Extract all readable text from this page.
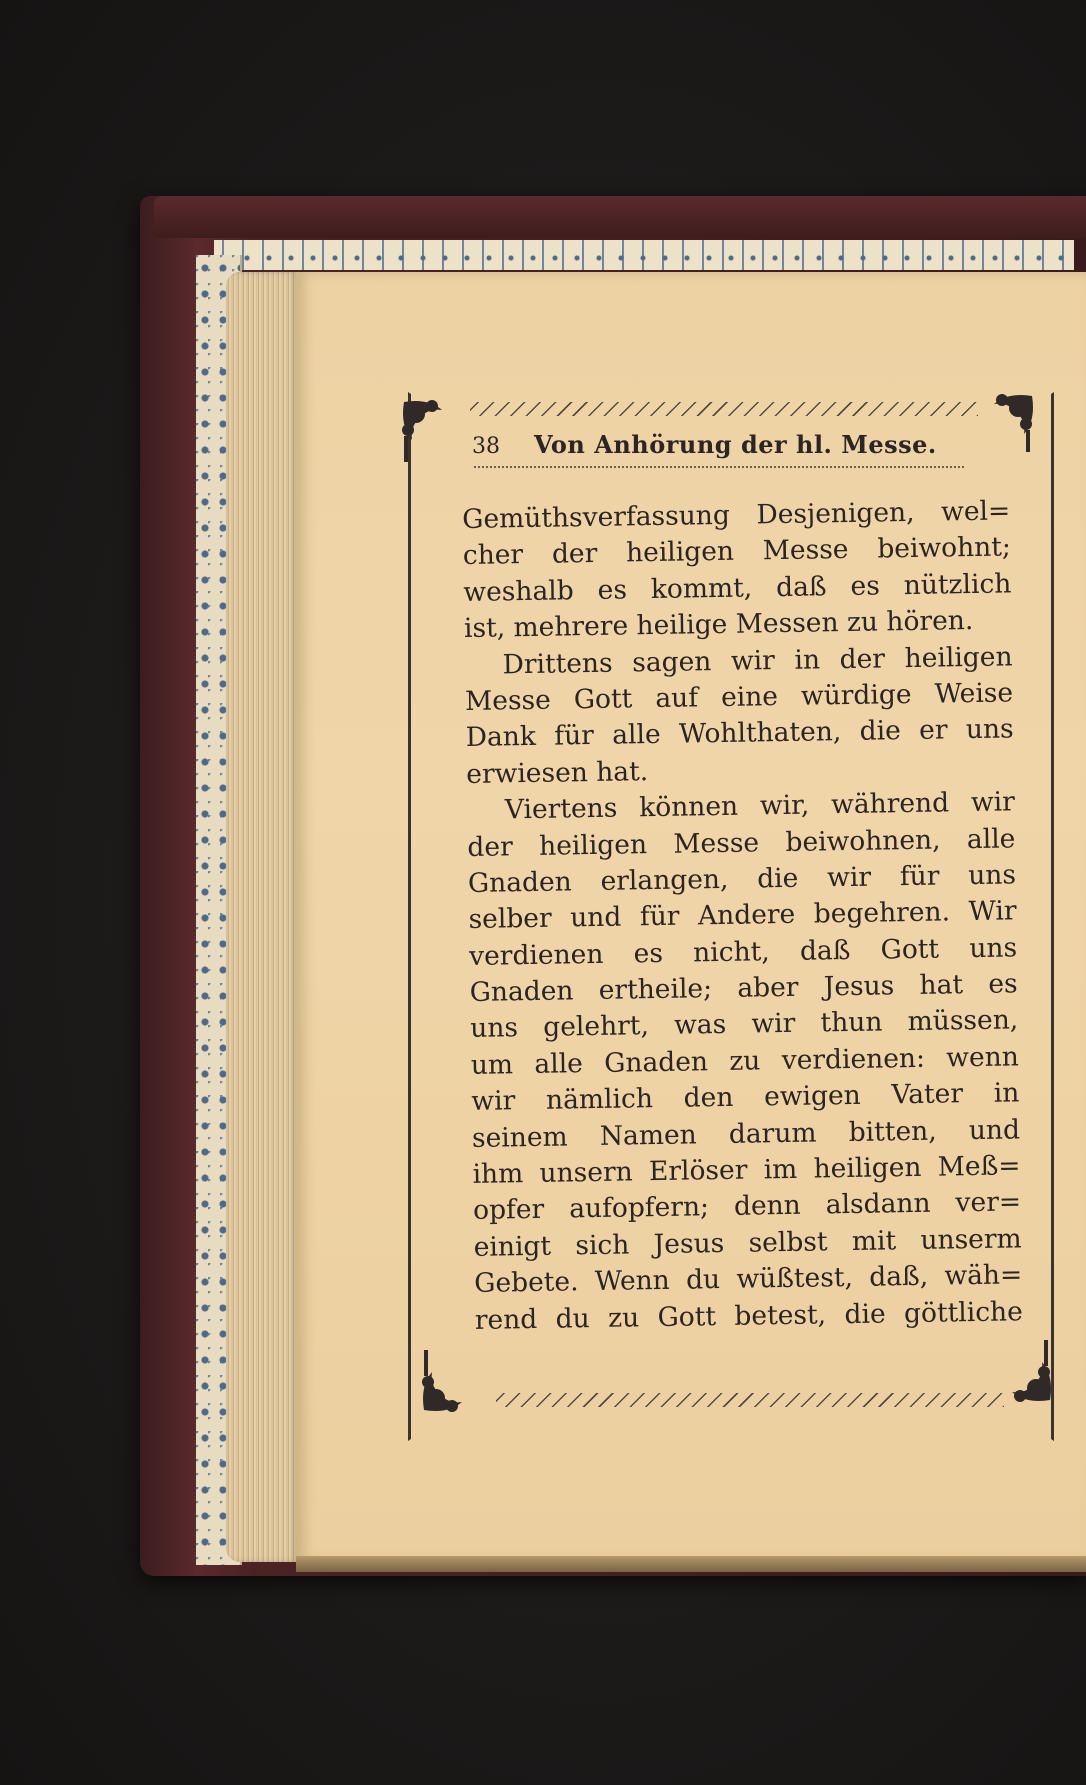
38 Von Anhörung der hl. Messe.
Gemüthsverfassung Desjenigen, wel=
cher der heiligen Messe beiwohnt;
weshalb es kommt, daß es nützlich
ist, mehrere heilige Messen zu hören.
Drittens sagen wir in der heiligen
Messe Gott auf eine würdige Weise
Dank für alle Wohlthaten, die er uns
erwiesen hat.
Viertens können wir, während wir
der heiligen Messe beiwohnen, alle
Gnaden erlangen, die wir für uns
selber und für Andere begehren. Wir
verdienen es nicht, daß Gott uns
Gnaden ertheile; aber Jesus hat es
uns gelehrt, was wir thun müssen,
um alle Gnaden zu verdienen: wenn
wir nämlich den ewigen Vater in
seinem Namen darum bitten, und
ihm unsern Erlöser im heiligen Meß=
opfer aufopfern; denn alsdann ver=
einigt sich Jesus selbst mit unserm
Gebete. Wenn du wüßtest, daß, wäh=
rend du zu Gott betest, die göttliche
